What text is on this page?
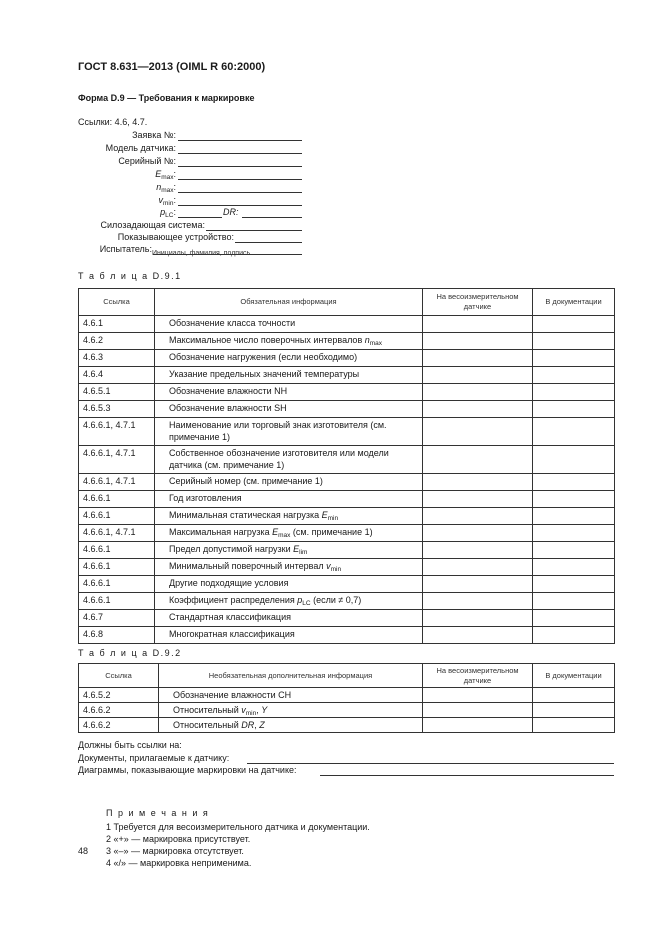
ГОСТ 8.631—2013 (OIML R 60:2000)
Форма D.9 — Требования к маркировке
Ссылки: 4.6, 4.7.
Заявка №:
Модель датчика:
Серийный №:
$E_{max}$:
$n_{max}$:
$v_{min}$:
$p_{LC}$:	DR:
Силозадающая система:
Показывающее устройство:
Испытатель: Инициалы, фамилия, подпись
Т а б л и ц а D.9.1
Ссылка	Обязательная информация	На весоизмерительном датчике	В документации
4.6.1	Обозначение класса точности		
4.6.2	Максимальное число поверочных интервалов $n_{max}$		
4.6.3	Обозначение нагружения (если необходимо)		
4.6.4	Указание предельных значений температуры		
4.6.5.1	Обозначение влажности NH		
4.6.5.3	Обозначение влажности SH		
4.6.6.1, 4.7.1	Наименование или торговый знак изготовителя (см. примечание 1)		
4.6.6.1, 4.7.1	Собственное обозначение изготовителя или модели датчика (см. примечание 1)		
4.6.6.1, 4.7.1	Серийный номер (см. примечание 1)		
4.6.6.1	Год изготовления		
4.6.6.1	Минимальная статическая нагрузка $E_{min}$		
4.6.6.1, 4.7.1	Максимальная нагрузка $E_{max}$ (см. примечание 1)		
4.6.6.1	Предел допустимой нагрузки $E_{lim}$		
4.6.6.1	Минимальный поверочный интервал $v_{min}$		
4.6.6.1	Другие подходящие условия		
4.6.6.1	Коэффициент распределения $p_{LC}$ (если ≠ 0,7)		
4.6.7	Стандартная классификация		
4.6.8	Многократная классификация		
Т а б л и ц а D.9.2
Ссылка	Необязательная дополнительная информация	На весоизмерительном датчике	В документации
4.6.5.2	Обозначение влажности CH		
4.6.6.2	Относительный $v_{min}$, Y		
4.6.6.2	Относительный DR, Z		
Должны быть ссылки на:
Документы, прилагаемые к датчику:
Диаграммы, показывающие маркировки на датчике:
П р и м е ч а н и я
1 Требуется для весоизмерительного датчика и документации.
2 «+» — маркировка присутствует.
3 «–» — маркировка отсутствует.
4 «/» — маркировка неприменима.
48
